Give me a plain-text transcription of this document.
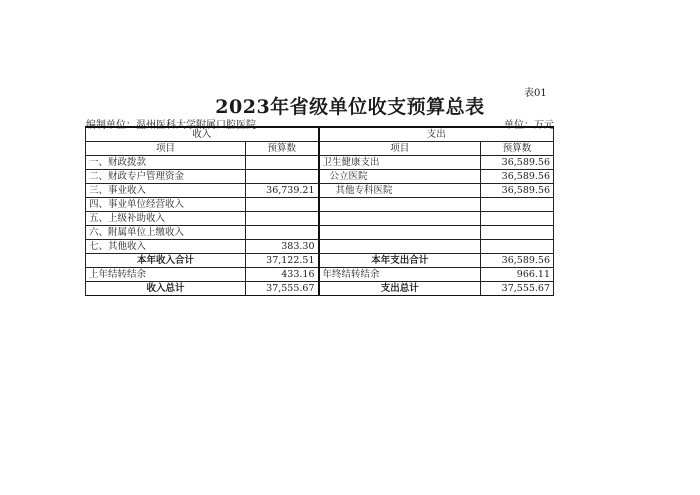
表01
2023年省级单位收支预算总表
编制单位：温州医科大学附属口腔医院	单位：万元
收入		支出	
项目	预算数	项目	预算数
一、财政拨款		卫生健康支出	36,589.56
二、财政专户管理资金		公立医院	36,589.56
三、事业收入	36,739.21	其他专科医院	36,589.56
四、事业单位经营收入			
五、上级补助收入			
六、附属单位上缴收入			
七、其他收入	383.30		
本年收入合计	37,122.51	本年支出合计	36,589.56
上年结转结余	433.16	年终结转结余	966.11
收入总计	37,555.67	支出总计	37,555.67
